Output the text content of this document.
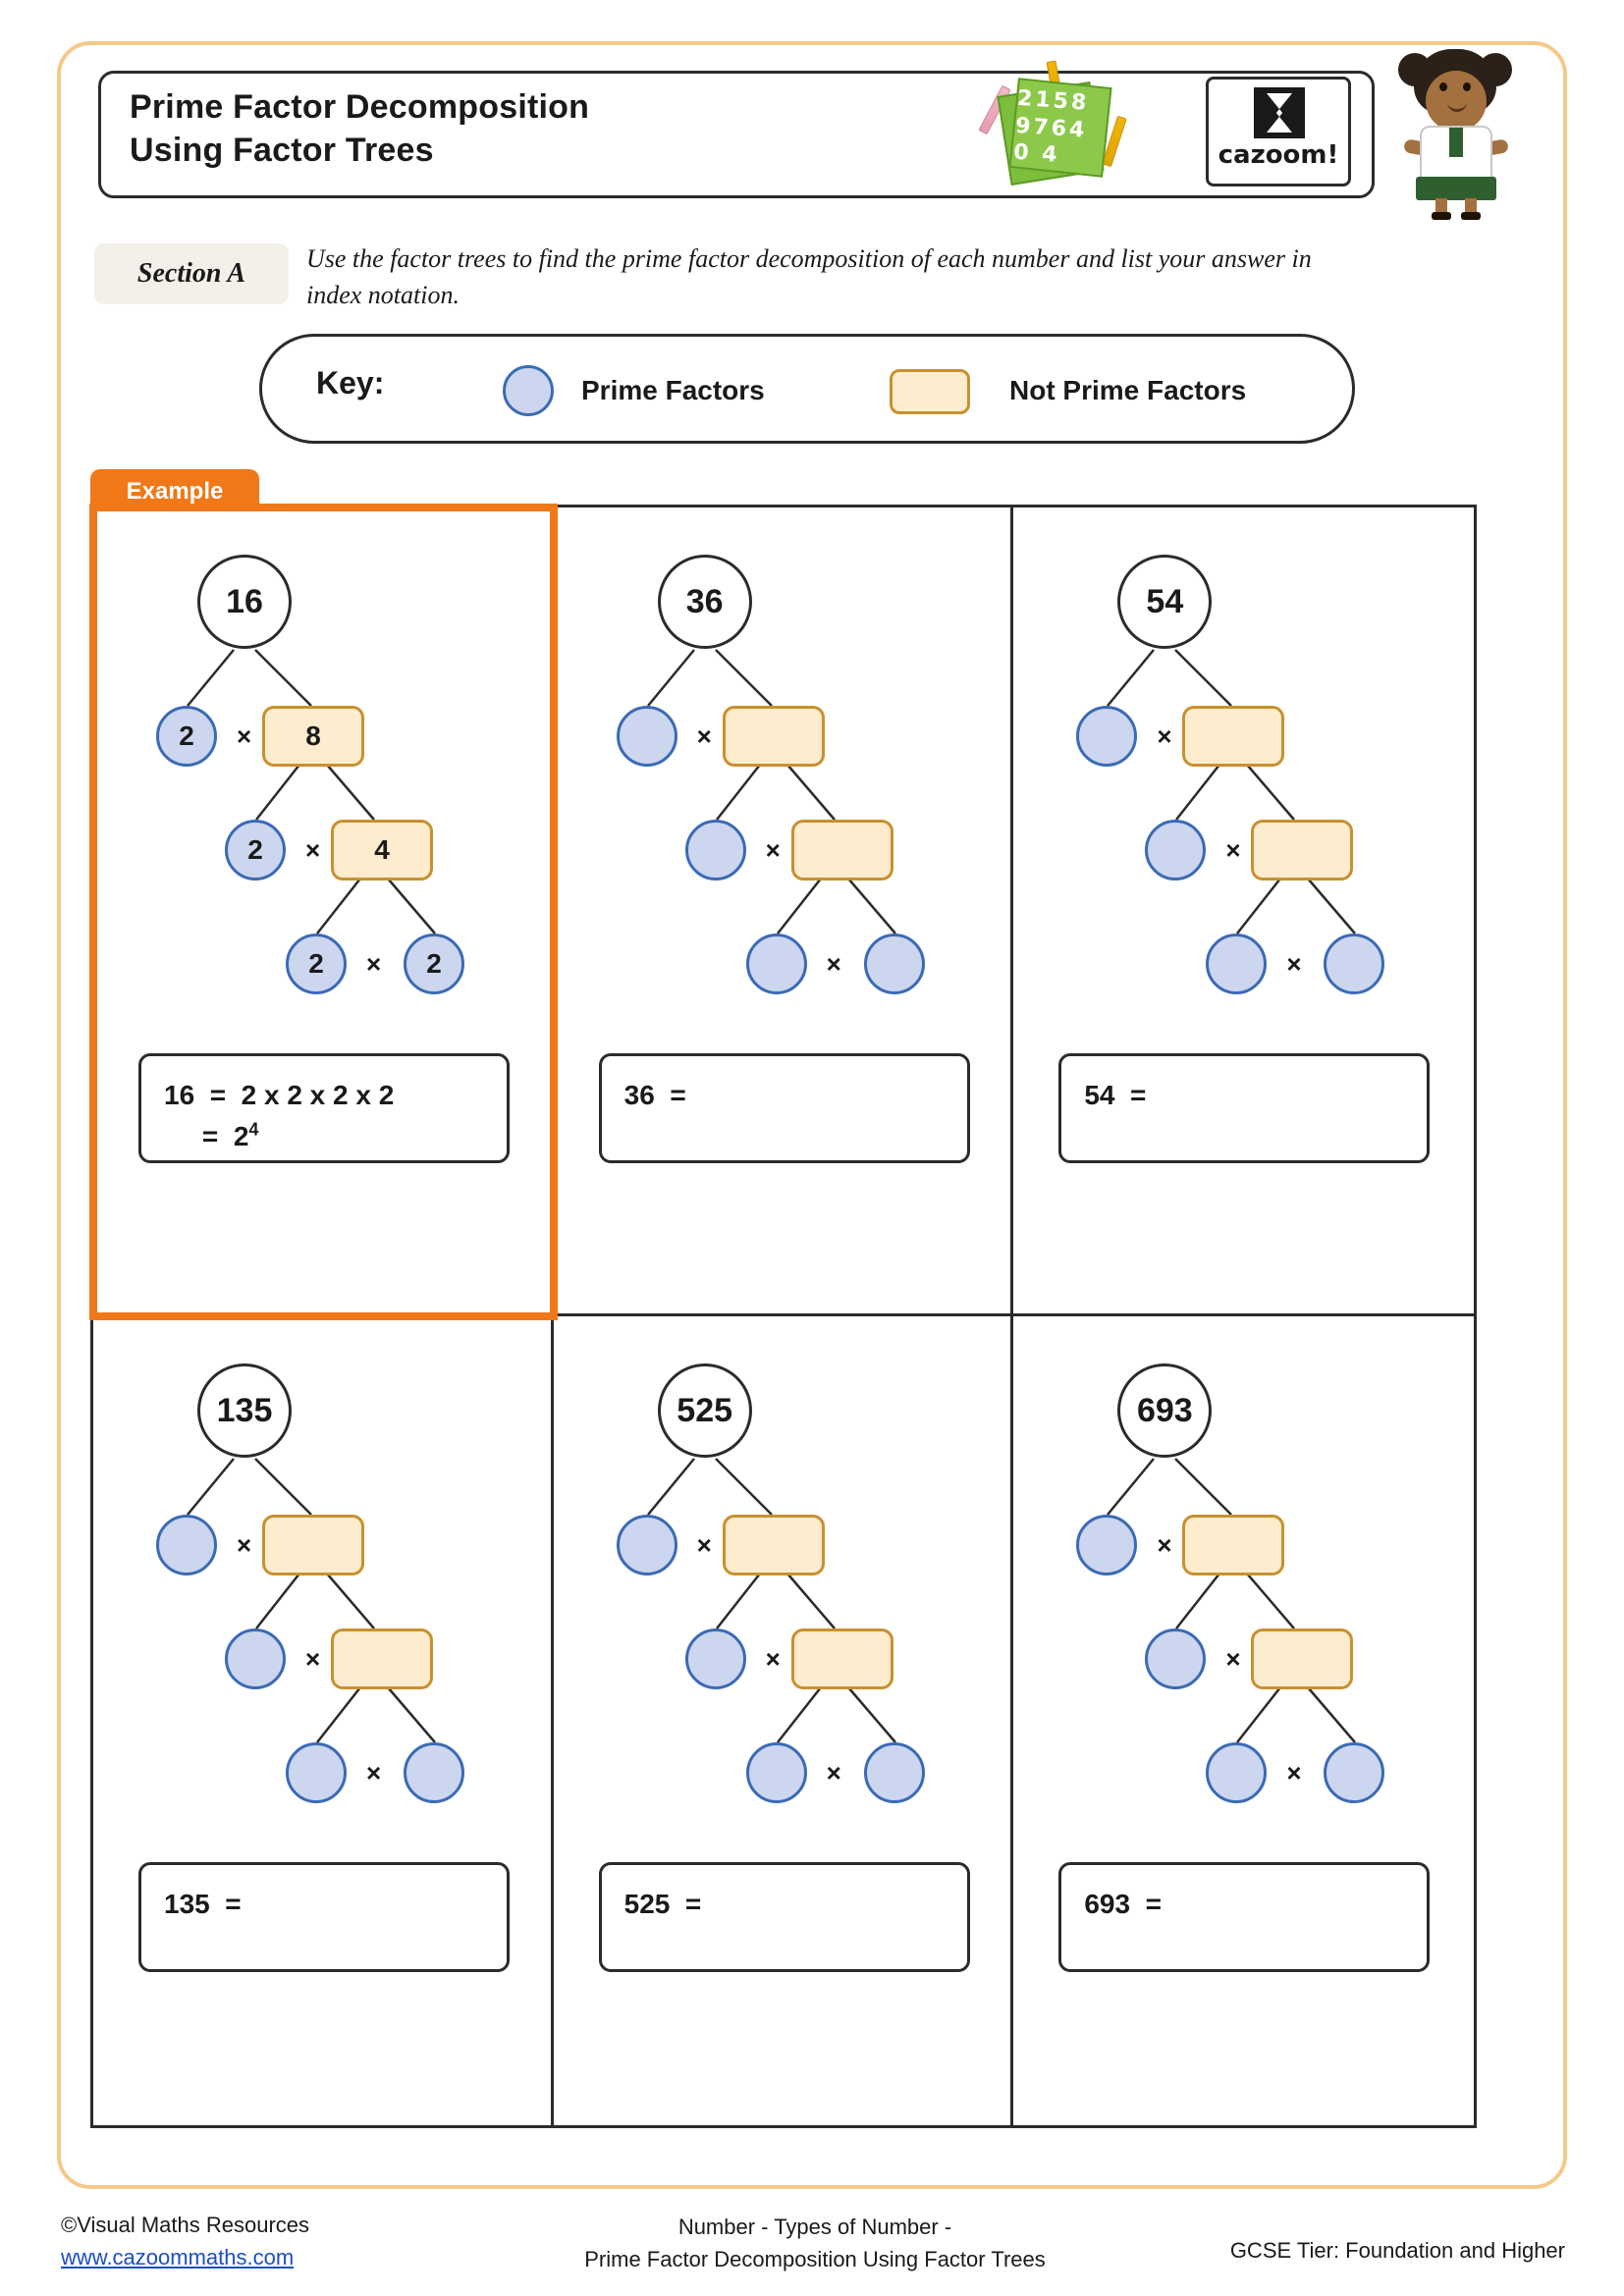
Prime Factor Decomposition
Using Factor Trees
2158
9764
0 4	cazoom!
Section A	Use the factor trees to find the prime factor decomposition of each number and list your answer in index notation.
Key:	Prime Factors	Not Prime Factors
Example
16
2	×	8
2	×	4
2	×	2
16  =  2 x 2 x 2 x 2
=  $2^4$
36
×
×
×
36  =
54
×
×
×
54  =
135
×
×
×
135  =
525
×
×
×
525  =
693
×
×
×
693  =
©Visual Maths Resources
www.cazoommaths.com
Number - Types of Number -
Prime Factor Decomposition Using Factor Trees	GCSE Tier: Foundation and Higher
